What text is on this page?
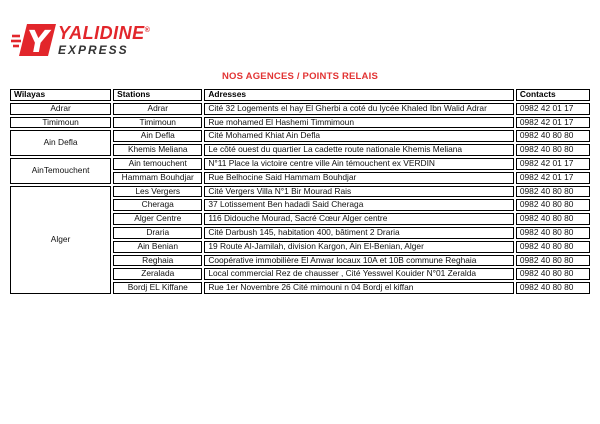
Y YALIDINE®
EXPRESS
NOS AGENCES / POINTS RELAIS
Wilayas	Stations	Adresses	Contacts
Adrar	Adrar	Cité 32 Logements el hay El Gherbi a coté du lycée Khaled Ibn Walid Adrar	0982 42 01 17
Timimoun	Timimoun	Rue mohamed El Hashemi Timmimoun	0982 42 01 17
Ain Defla	Ain Defla	Cité Mohamed Khiat Ain Defla	0982 40 80 80
	Khemis Meliana	Le côté ouest du quartier La cadette route nationale Khemis Meliana	0982 40 80 80
AinTemouchent	Ain temouchent	N°11 Place la victoire centre ville Ain témouchent ex VERDIN	0982 42 01 17
	Hammam Bouhdjar	Rue Belhocine Said Hammam Bouhdjar	0982 42 01 17
Alger	Les Vergers	Cité Vergers Villa N°1 Bir Mourad Rais	0982 40 80 80
	Cheraga	37 Lotissement Ben hadadi Said Cheraga	0982 40 80 80
	Alger Centre	116 Didouche Mourad, Sacré Cœur Alger centre	0982 40 80 80
	Draria	Cité Darbush 145, habitation 400, bâtiment 2 Draria	0982 40 80 80
	Ain Benian	19 Route Al-Jamilah, division Kargon, Ain El-Benian, Alger	0982 40 80 80
	Reghaia	Coopérative immobilière El Anwar locaux 10A et 10B commune Reghaia	0982 40 80 80
	Zeralada	Local commercial Rez de chausser , Cité Yesswel Kouider N°01 Zeralda	0982 40 80 80
	Bordj EL Kiffane	Rue 1er Novembre 26 Cité mimouni n 04 Bordj el kiffan	0982 40 80 80
